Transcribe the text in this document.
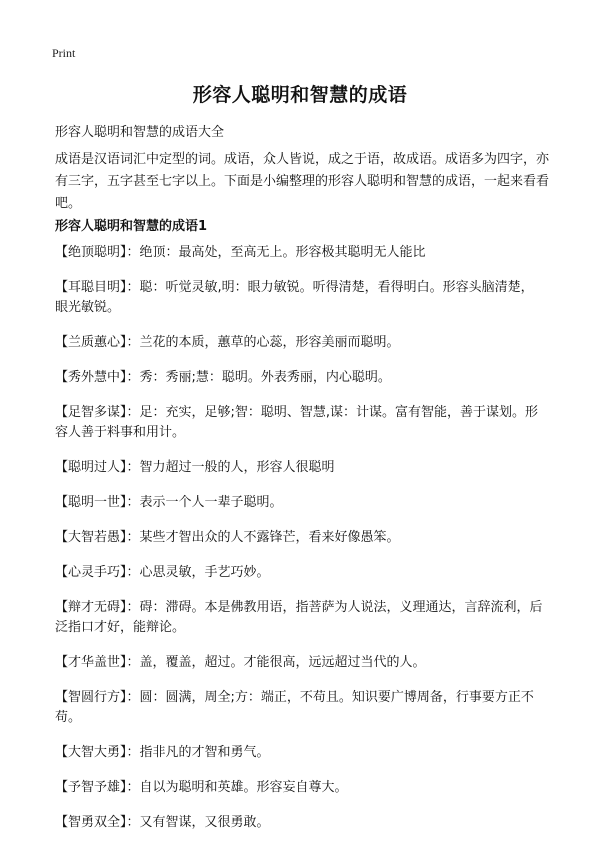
Print
形容人聪明和智慧的成语
形容人聪明和智慧的成语大全

成语是汉语词汇中定型的词。成语，众人皆说，成之于语，故成语。成语多为四字，亦有三字，五字甚至七字以上。下面是小编整理的形容人聪明和智慧的成语，一起来看看吧。

形容人聪明和智慧的成语1

【绝顶聪明】：绝顶：最高处，至高无上。形容极其聪明无人能比

【耳聪目明】：聪：听觉灵敏,明：眼力敏锐。听得清楚，看得明白。形容头脑清楚，眼光敏锐。

【兰质蕙心】：兰花的本质，蕙草的心蕊，形容美丽而聪明。

【秀外慧中】：秀：秀丽;慧：聪明。外表秀丽，内心聪明。

【足智多谋】：足：充实，足够;智：聪明、智慧,谋：计谋。富有智能，善于谋划。形容人善于料事和用计。

【聪明过人】：智力超过一般的人，形容人很聪明

【聪明一世】：表示一个人一辈子聪明。

【大智若愚】：某些才智出众的人不露锋芒，看来好像愚笨。

【心灵手巧】：心思灵敏，手艺巧妙。

【辩才无碍】：碍：滞碍。本是佛教用语，指菩萨为人说法，义理通达，言辞流利，后泛指口才好，能辩论。

【才华盖世】：盖，覆盖，超过。才能很高，远远超过当代的人。

【智圆行方】：圆：圆满，周全;方：端正，不苟且。知识要广博周备，行事要方正不苟。

【大智大勇】：指非凡的才智和勇气。

【予智予雄】：自以为聪明和英雄。形容妄自尊大。

【智勇双全】：又有智谋，又很勇敢。
